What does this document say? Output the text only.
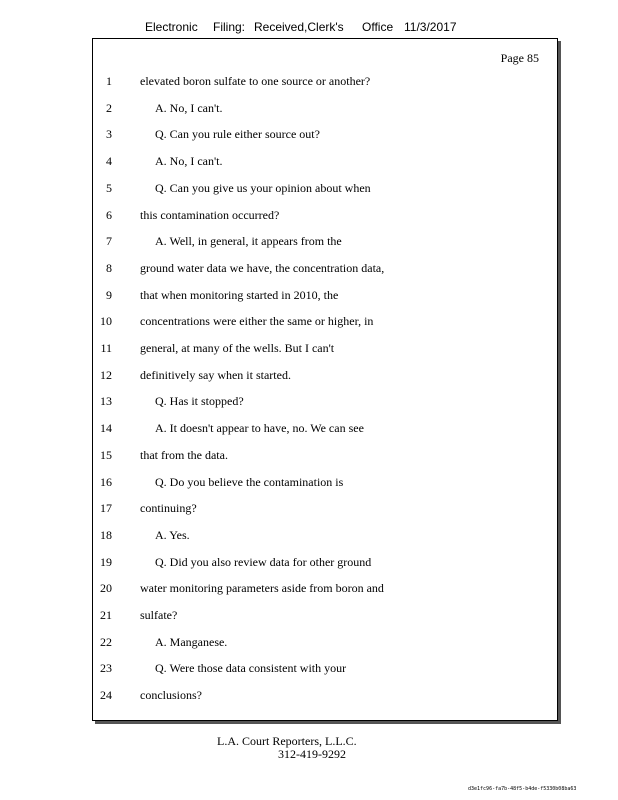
Electronic Filing: Received,Clerk's Office 11/3/2017
Page 85
1 elevated boron sulfate to one source or another?
2	A. No, I can't.
3	Q. Can you rule either source out?
4	A. No, I can't.
5	Q. Can you give us your opinion about when
6 this contamination occurred?
7	A. Well, in general, it appears from the
8 ground water data we have, the concentration data,
9 that when monitoring started in 2010, the
10 concentrations were either the same or higher, in
11 general, at many of the wells. But I can't
12 definitively say when it started.
13	Q. Has it stopped?
14	A. It doesn't appear to have, no. We can see
15 that from the data.
16	Q. Do you believe the contamination is
17 continuing?
18	A. Yes.
19	Q. Did you also review data for other ground
20 water monitoring parameters aside from boron and
21 sulfate?
22	A. Manganese.
23	Q. Were those data consistent with your
24 conclusions?
L.A. Court Reporters, L.L.C.
312-419-9292
d3e1fc96-fa7b-48f5-b4de-f5330b08ba63
